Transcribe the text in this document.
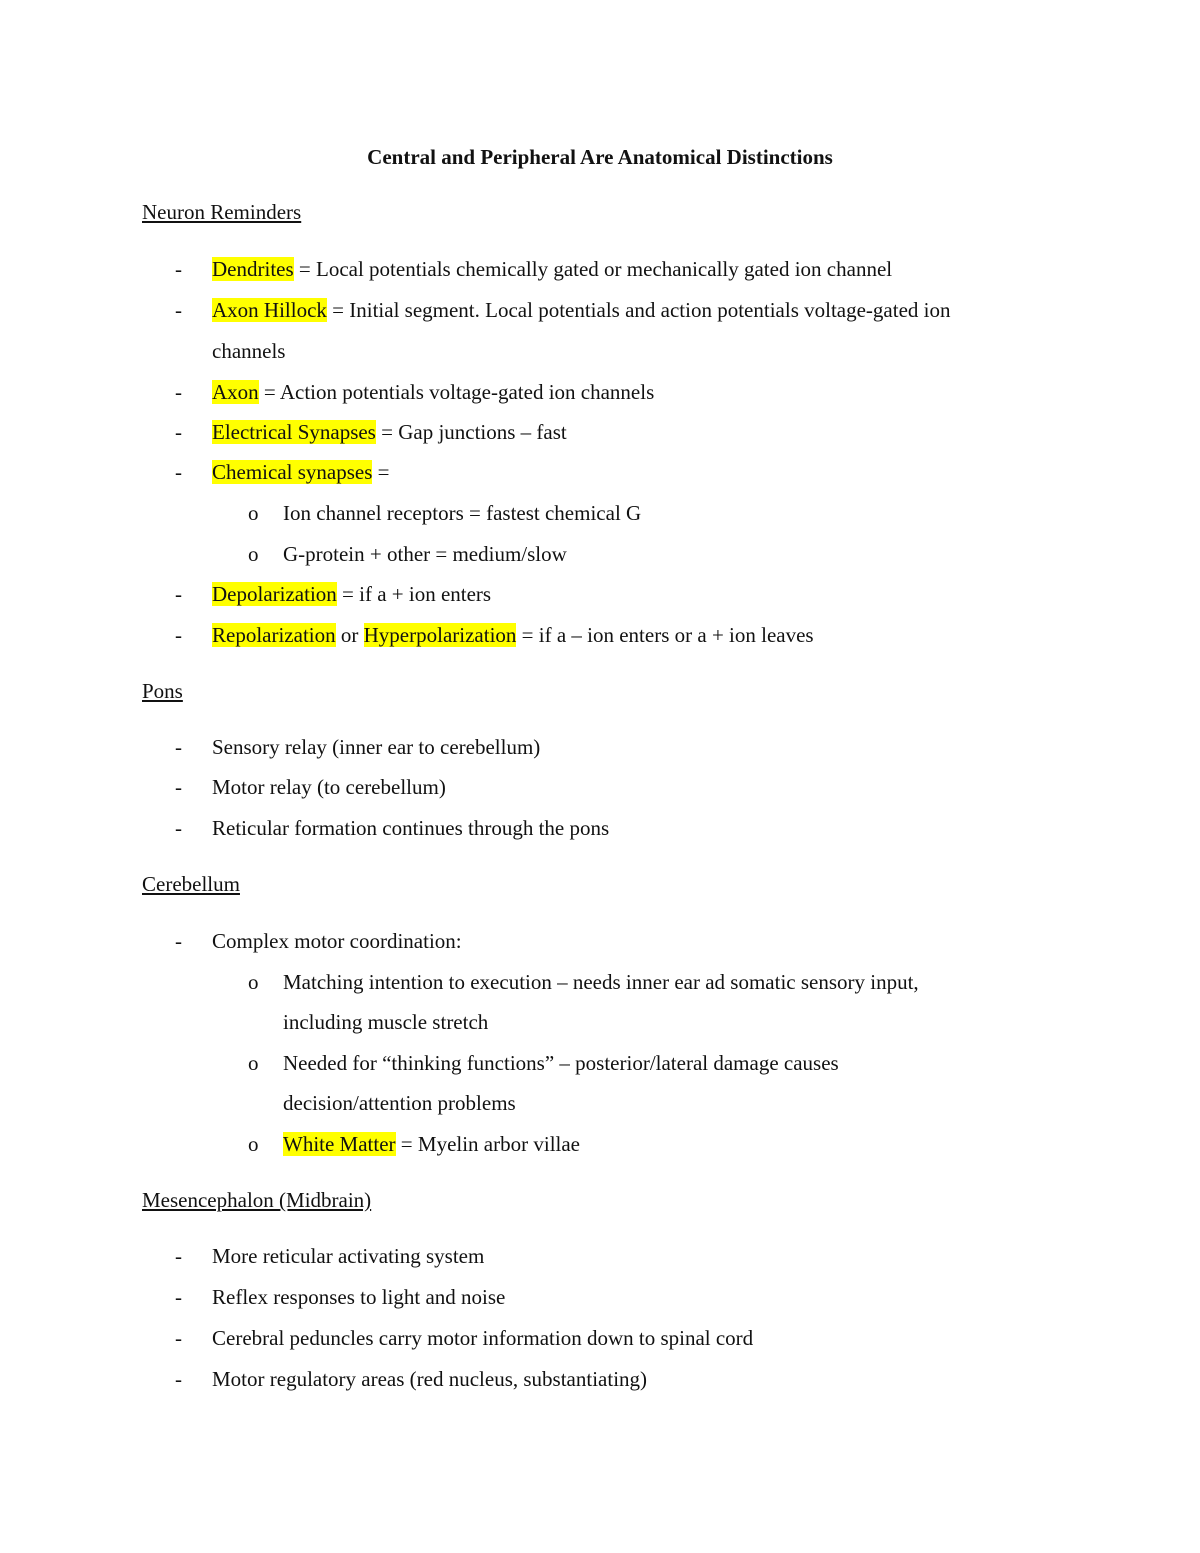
Central and Peripheral Are Anatomical Distinctions
Neuron Reminders
- Dendrites = Local potentials chemically gated or mechanically gated ion channel
- Axon Hillock = Initial segment. Local potentials and action potentials voltage-gated ion
channels
- Axon = Action potentials voltage-gated ion channels
- Electrical Synapses = Gap junctions – fast
- Chemical synapses =
o Ion channel receptors = fastest chemical G
o G-protein + other = medium/slow
- Depolarization = if a + ion enters
- Repolarization or Hyperpolarization = if a – ion enters or a + ion leaves
Pons
- Sensory relay (inner ear to cerebellum)
- Motor relay (to cerebellum)
- Reticular formation continues through the pons
Cerebellum
- Complex motor coordination:
o Matching intention to execution – needs inner ear ad somatic sensory input,
including muscle stretch
o Needed for “thinking functions” – posterior/lateral damage causes
decision/attention problems
o White Matter = Myelin arbor villae
Mesencephalon (Midbrain)
- More reticular activating system
- Reflex responses to light and noise
- Cerebral peduncles carry motor information down to spinal cord
- Motor regulatory areas (red nucleus, substantiating)
